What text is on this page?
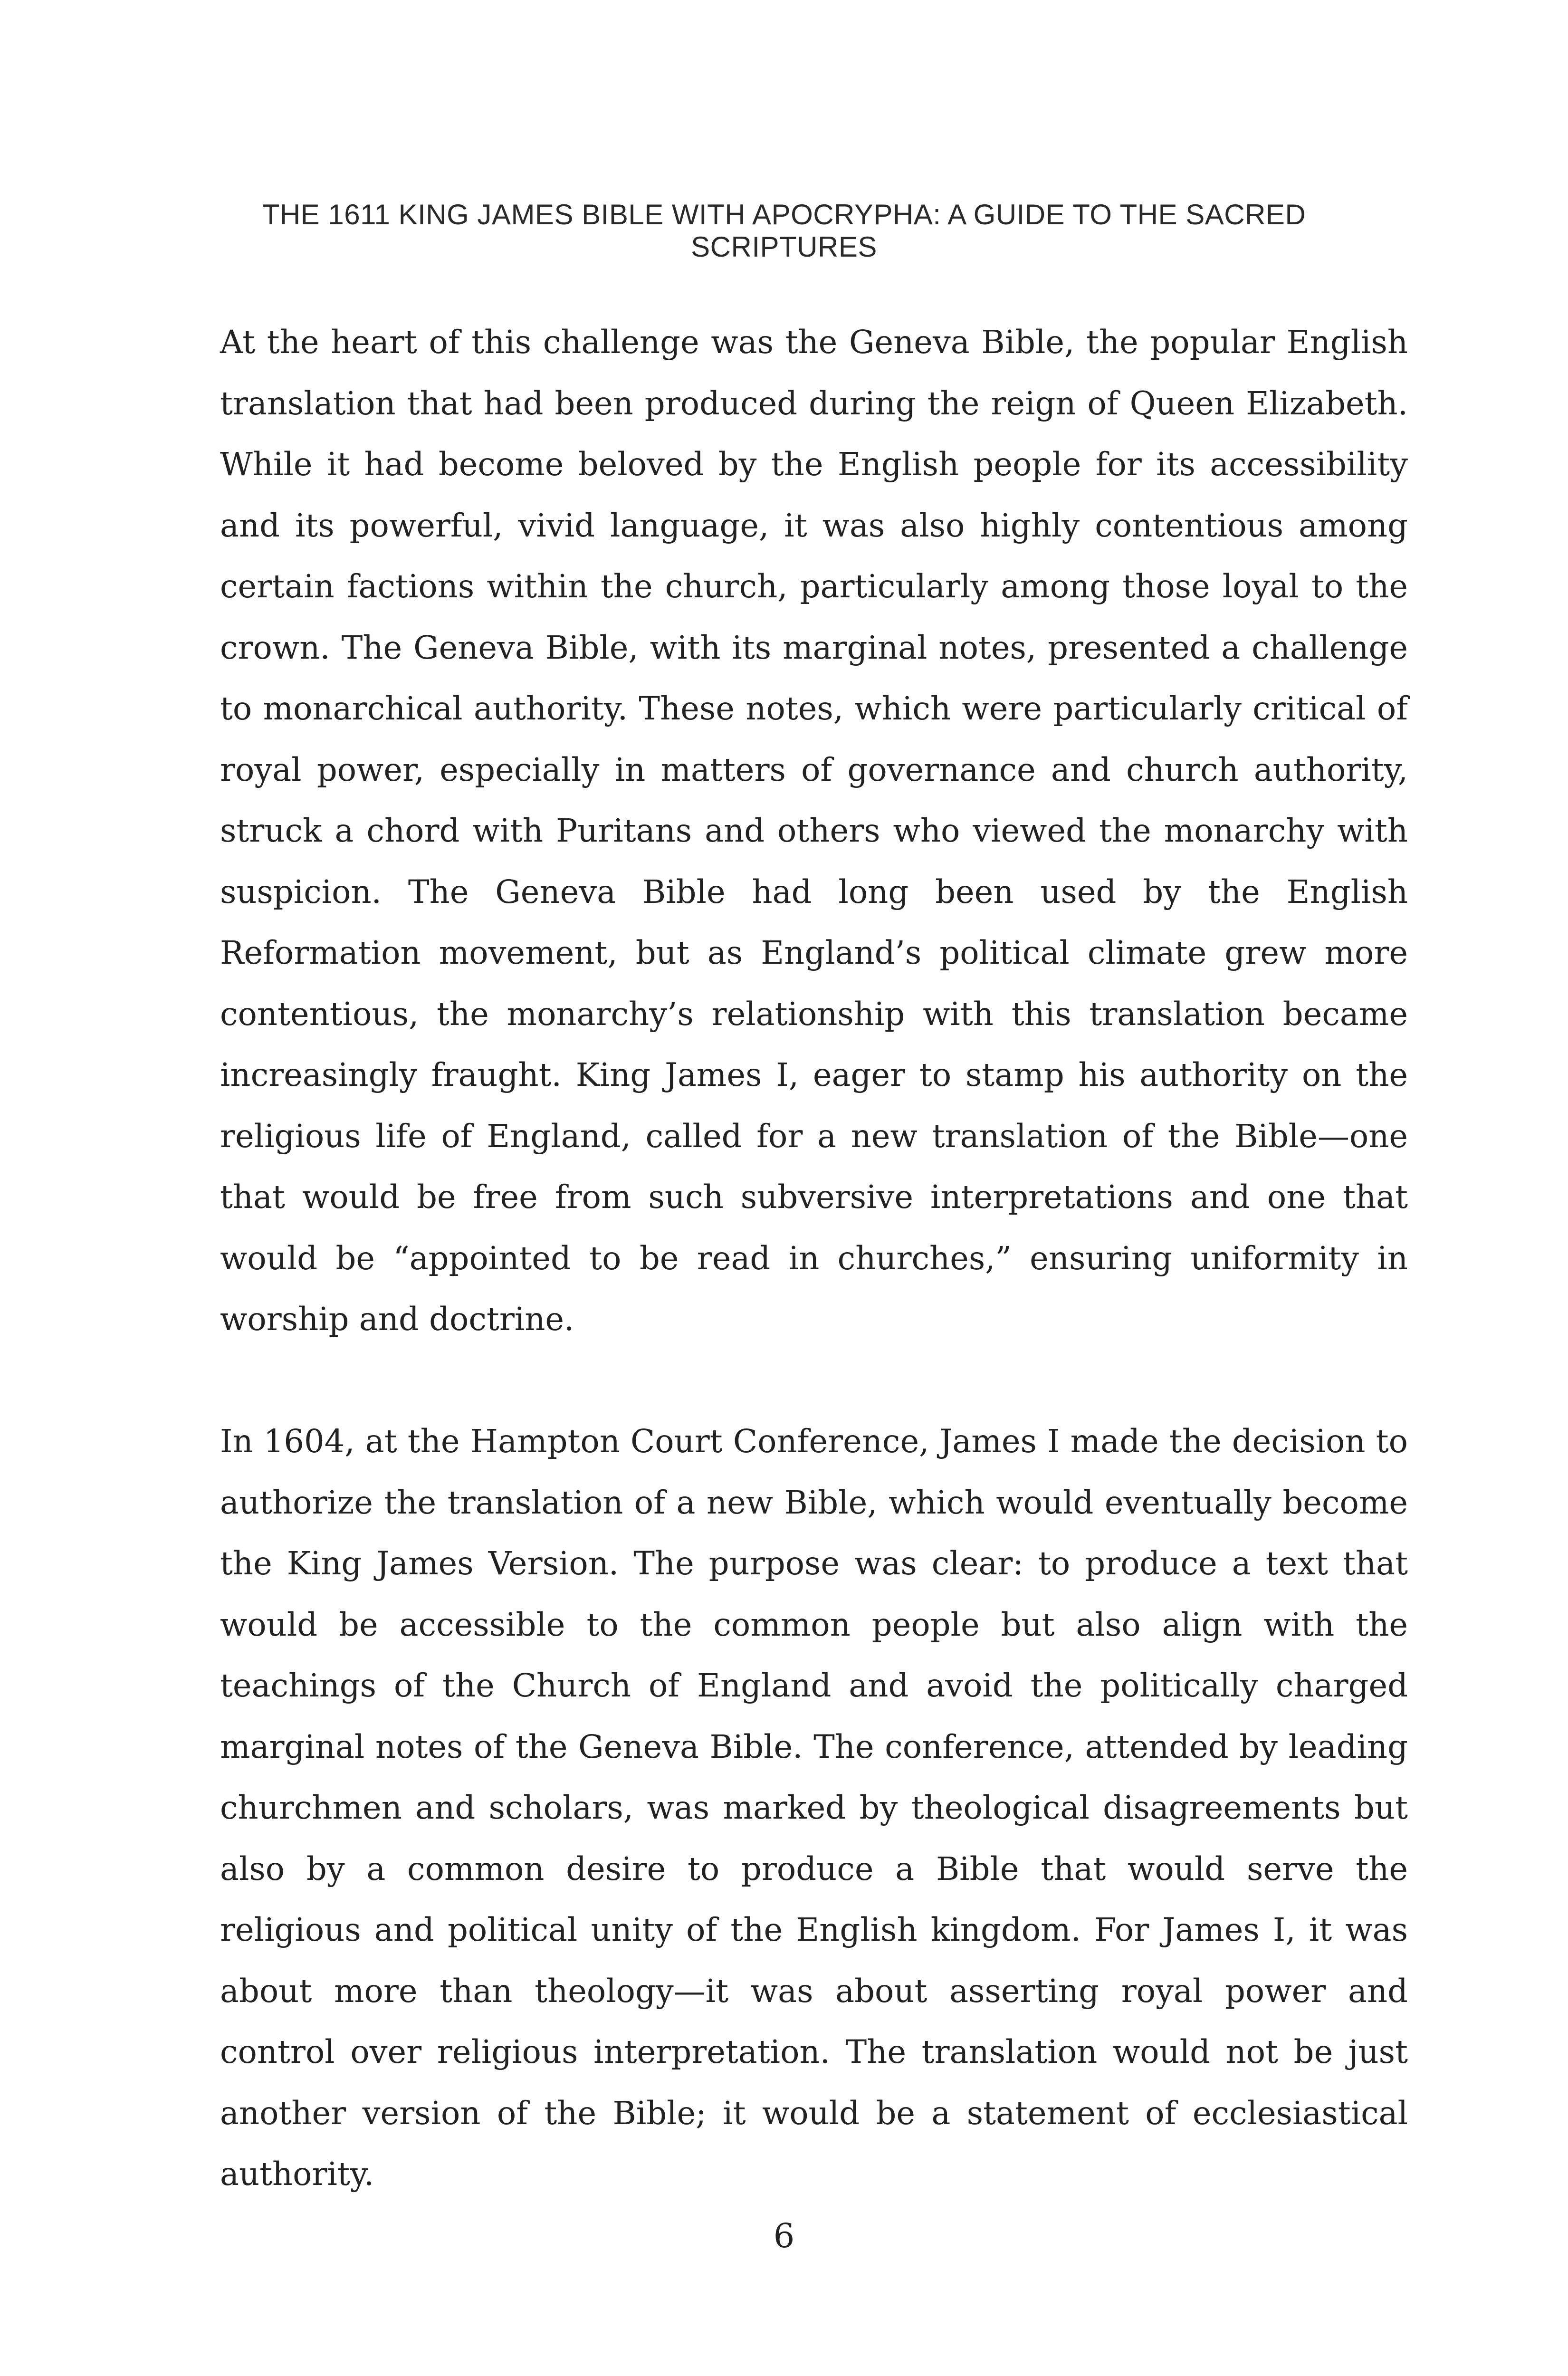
THE 1611 KING JAMES BIBLE WITH APOCRYPHA: A GUIDE TO THE SACRED SCRIPTURES

At the heart of this challenge was the Geneva Bible, the popular English translation that had been produced during the reign of Queen Elizabeth. While it had become beloved by the English people for its accessibility and its powerful, vivid language, it was also highly contentious among certain factions within the church, particularly among those loyal to the crown. The Geneva Bible, with its marginal notes, presented a challenge to monarchical authority. These notes, which were particularly critical of royal power, especially in matters of governance and church authority, struck a chord with Puritans and others who viewed the monarchy with suspicion. The Geneva Bible had long been used by the English Reformation movement, but as England’s political climate grew more contentious, the monarchy’s relationship with this translation became increasingly fraught. King James I, eager to stamp his authority on the religious life of England, called for a new translation of the Bible—one that would be free from such subversive interpretations and one that would be “appointed to be read in churches,” ensuring uniformity in worship and doctrine.

In 1604, at the Hampton Court Conference, James I made the decision to authorize the translation of a new Bible, which would eventually become the King James Version. The purpose was clear: to produce a text that would be accessible to the common people but also align with the teachings of the Church of England and avoid the politically charged marginal notes of the Geneva Bible. The conference, attended by leading churchmen and scholars, was marked by theological disagreements but also by a common desire to produce a Bible that would serve the religious and political unity of the English kingdom. For James I, it was about more than theology—it was about asserting royal power and control over religious interpretation. The translation would not be just another version of the Bible; it would be a statement of ecclesiastical authority.

6
